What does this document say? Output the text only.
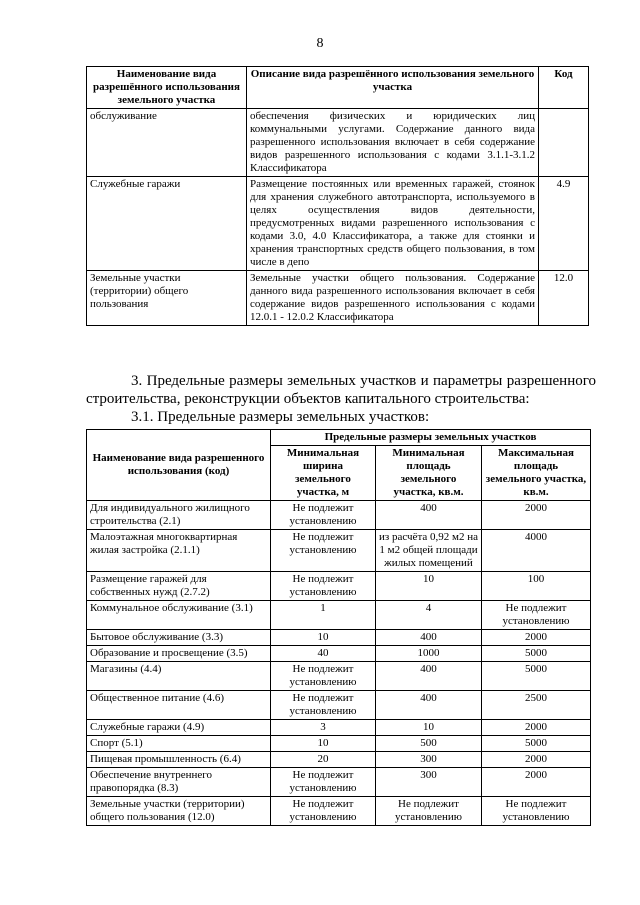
8
Наименование вида разрешённого использования земельного участка	Описание вида разрешённого использования земельного участка	Код
обслуживание	обеспечения физических и юридических лиц коммунальными услугами. Содержание данного вида разрешенного использования включает в себя содержание видов разрешенного использования с кодами 3.1.1-3.1.2 Классификатора	
Служебные гаражи	Размещение постоянных или временных гаражей, стоянок для хранения служебного автотранспорта, используемого в целях осуществления видов деятельности, предусмотренных видами разрешенного использования с кодами 3.0, 4.0 Классификатора, а также для стоянки и хранения транспортных средств общего пользования, в том числе в депо	4.9
Земельные участки (территории) общего пользования	Земельные участки общего пользования. Содержание данного вида разрешенного использования включает в себя содержание видов разрешенного использования с кодами 12.0.1 - 12.0.2 Классификатора	12.0
3. Предельные размеры земельных участков и параметры разрешенного строительства, реконструкции объектов капитального строительства:
3.1. Предельные размеры земельных участков:
Наименование вида разрешенного использования (код)	Предельные размеры земельных участков		
	Минимальная ширина земельного участка, м	Минимальная площадь земельного участка, кв.м.	Максимальная площадь земельного участка, кв.м.
Для индивидуального жилищного строительства (2.1)	Не подлежит установлению	400	2000
Малоэтажная многоквартирная жилая застройка (2.1.1)	Не подлежит установлению	из расчёта 0,92 м2 на 1 м2 общей площади жилых помещений	4000
Размещение гаражей для собственных нужд (2.7.2)	Не подлежит установлению	10	100
Коммунальное обслуживание (3.1)	1	4	Не подлежит установлению
Бытовое обслуживание (3.3)	10	400	2000
Образование и просвещение (3.5)	40	1000	5000
Магазины (4.4)	Не подлежит установлению	400	5000
Общественное питание (4.6)	Не подлежит установлению	400	2500
Служебные гаражи (4.9)	3	10	2000
Спорт (5.1)	10	500	5000
Пищевая промышленность (6.4)	20	300	2000
Обеспечение внутреннего правопорядка (8.3)	Не подлежит установлению	300	2000
Земельные участки (территории) общего пользования (12.0)	Не подлежит установлению	Не подлежит установлению	Не подлежит установлению
